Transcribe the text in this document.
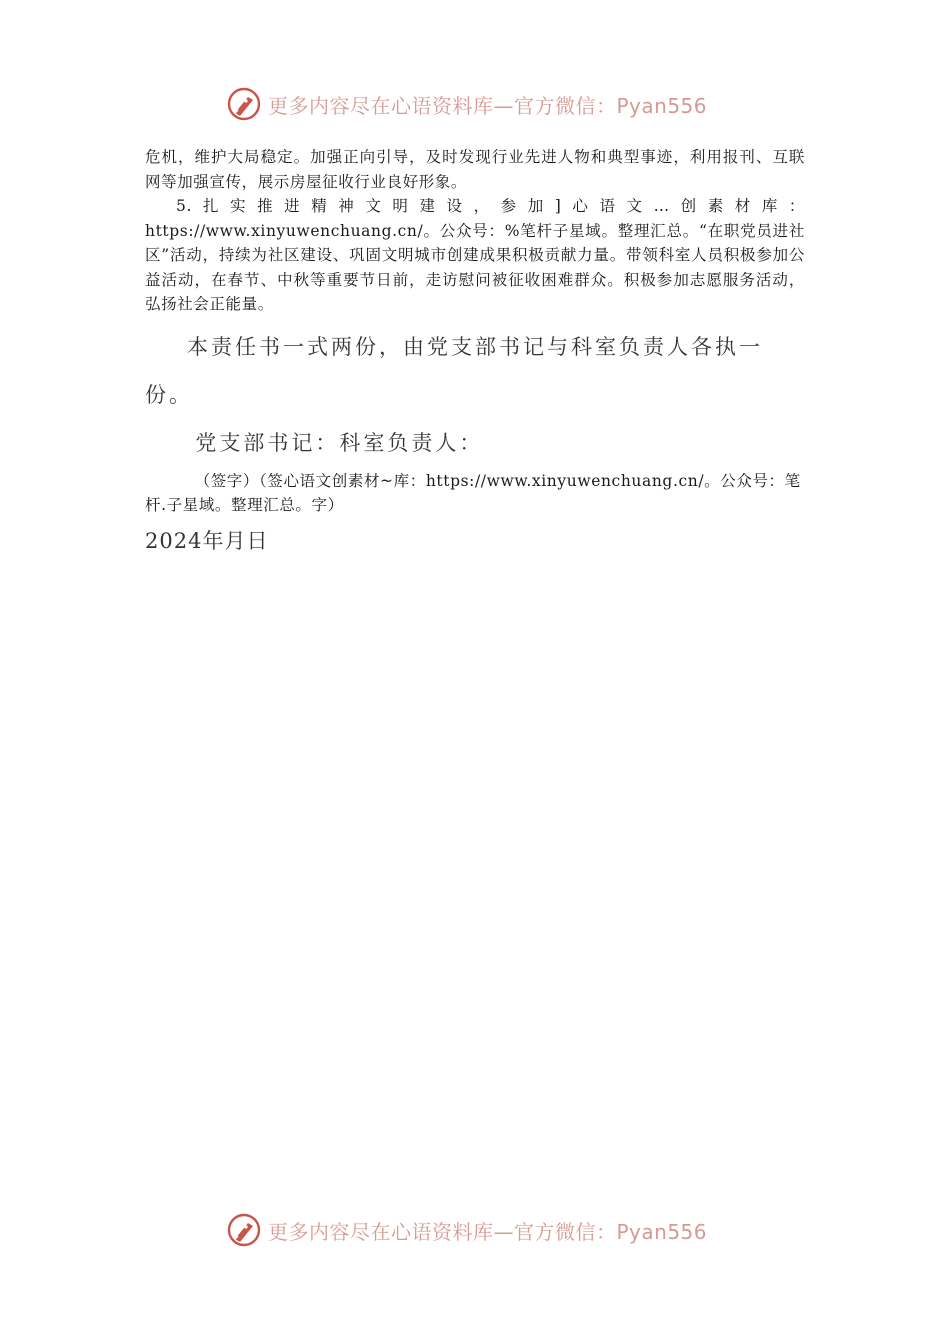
更多内容尽在心语资料库—官方微信：Pyan556

危机，维护大局稳定。加强正向引导，及时发现行业先进人物和典型事迹，利用报刊、互联网等加强宣传，展示房屋征收行业良好形象。

5.扎实推进精神文明建设，参加]心语文…创素材库：https://www.xinyuwenchuang.cn/。公众号：%笔杆子星域。整理汇总。“在职党员进社区”活动，持续为社区建设、巩固文明城市创建成果积极贡献力量。带领科室人员积极参加公益活动，在春节、中秋等重要节日前，走访慰问被征收困难群众。积极参加志愿服务活动，弘扬社会正能量。

本责任书一式两份，由党支部书记与科室负责人各执一份。

党支部书记：科室负责人：

（签字）（签心语文创素材~库：https://www.xinyuwenchuang.cn/。公众号：笔杆.子星域。整理汇总。字）

2024年月日

更多内容尽在心语资料库—官方微信：Pyan556
